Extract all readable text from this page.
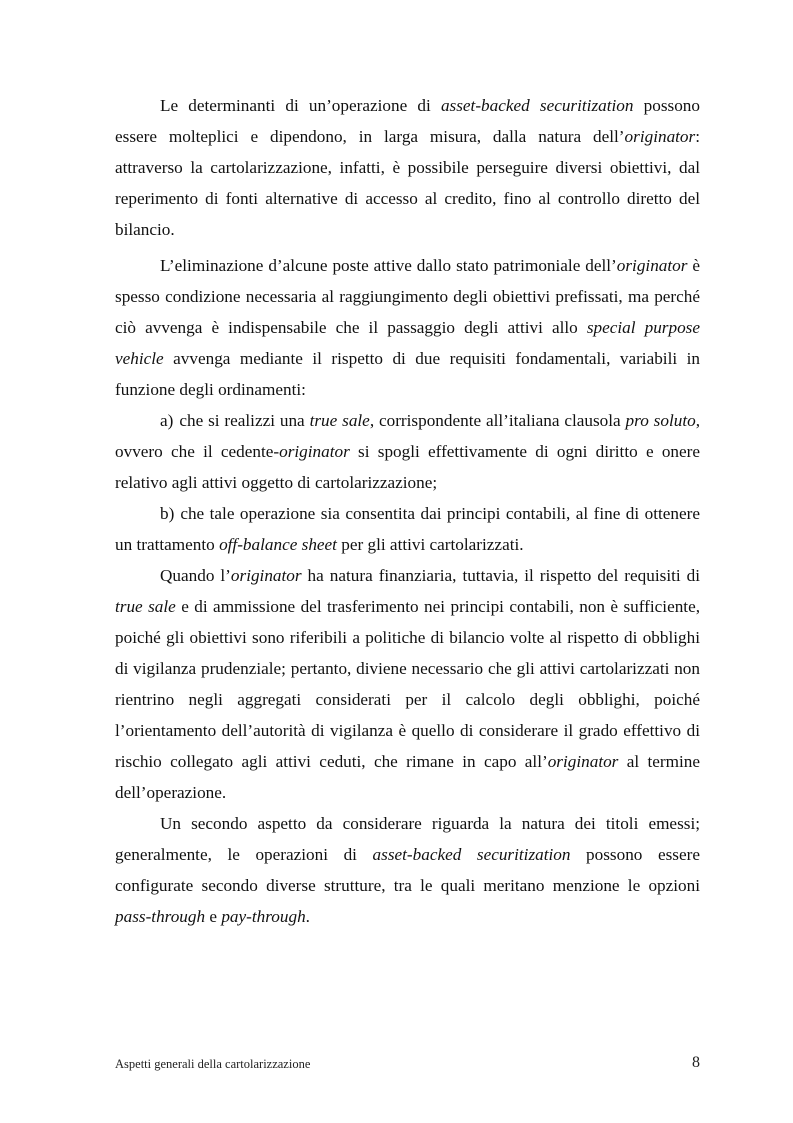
Le determinanti di un’operazione di asset-backed securitization possono essere molteplici e dipendono, in larga misura, dalla natura dell’originator: attraverso la cartolarizzazione, infatti, è possibile perseguire diversi obiettivi, dal reperimento di fonti alternative di accesso al credito, fino al controllo diretto del bilancio.

L’eliminazione d’alcune poste attive dallo stato patrimoniale dell’originator è spesso condizione necessaria al raggiungimento degli obiettivi prefissati, ma perché ciò avvenga è indispensabile che il passaggio degli attivi allo special purpose vehicle avvenga mediante il rispetto di due requisiti fondamentali, variabili in funzione degli ordinamenti:

a) che si realizzi una true sale, corrispondente all’italiana clausola pro soluto, ovvero che il cedente-originator si spogli effettivamente di ogni diritto e onere relativo agli attivi oggetto di cartolarizzazione;

b) che tale operazione sia consentita dai principi contabili, al fine di ottenere un trattamento off-balance sheet per gli attivi cartolarizzati.

Quando l’originator ha natura finanziaria, tuttavia, il rispetto del requisiti di true sale e di ammissione del trasferimento nei principi contabili, non è sufficiente, poiché gli obiettivi sono riferibili a politiche di bilancio volte al rispetto di obblighi di vigilanza prudenziale; pertanto, diviene necessario che gli attivi cartolarizzati non rientrino negli aggregati considerati per il calcolo degli obblighi, poiché l’orientamento dell’autorità di vigilanza è quello di considerare il grado effettivo di rischio collegato agli attivi ceduti, che rimane in capo all’originator al termine dell’operazione.

Un secondo aspetto da considerare riguarda la natura dei titoli emessi; generalmente, le operazioni di asset-backed securitization possono essere configurate secondo diverse strutture, tra le quali meritano menzione le opzioni pass-through e pay-through.

Aspetti generali della cartolarizzazione	8
